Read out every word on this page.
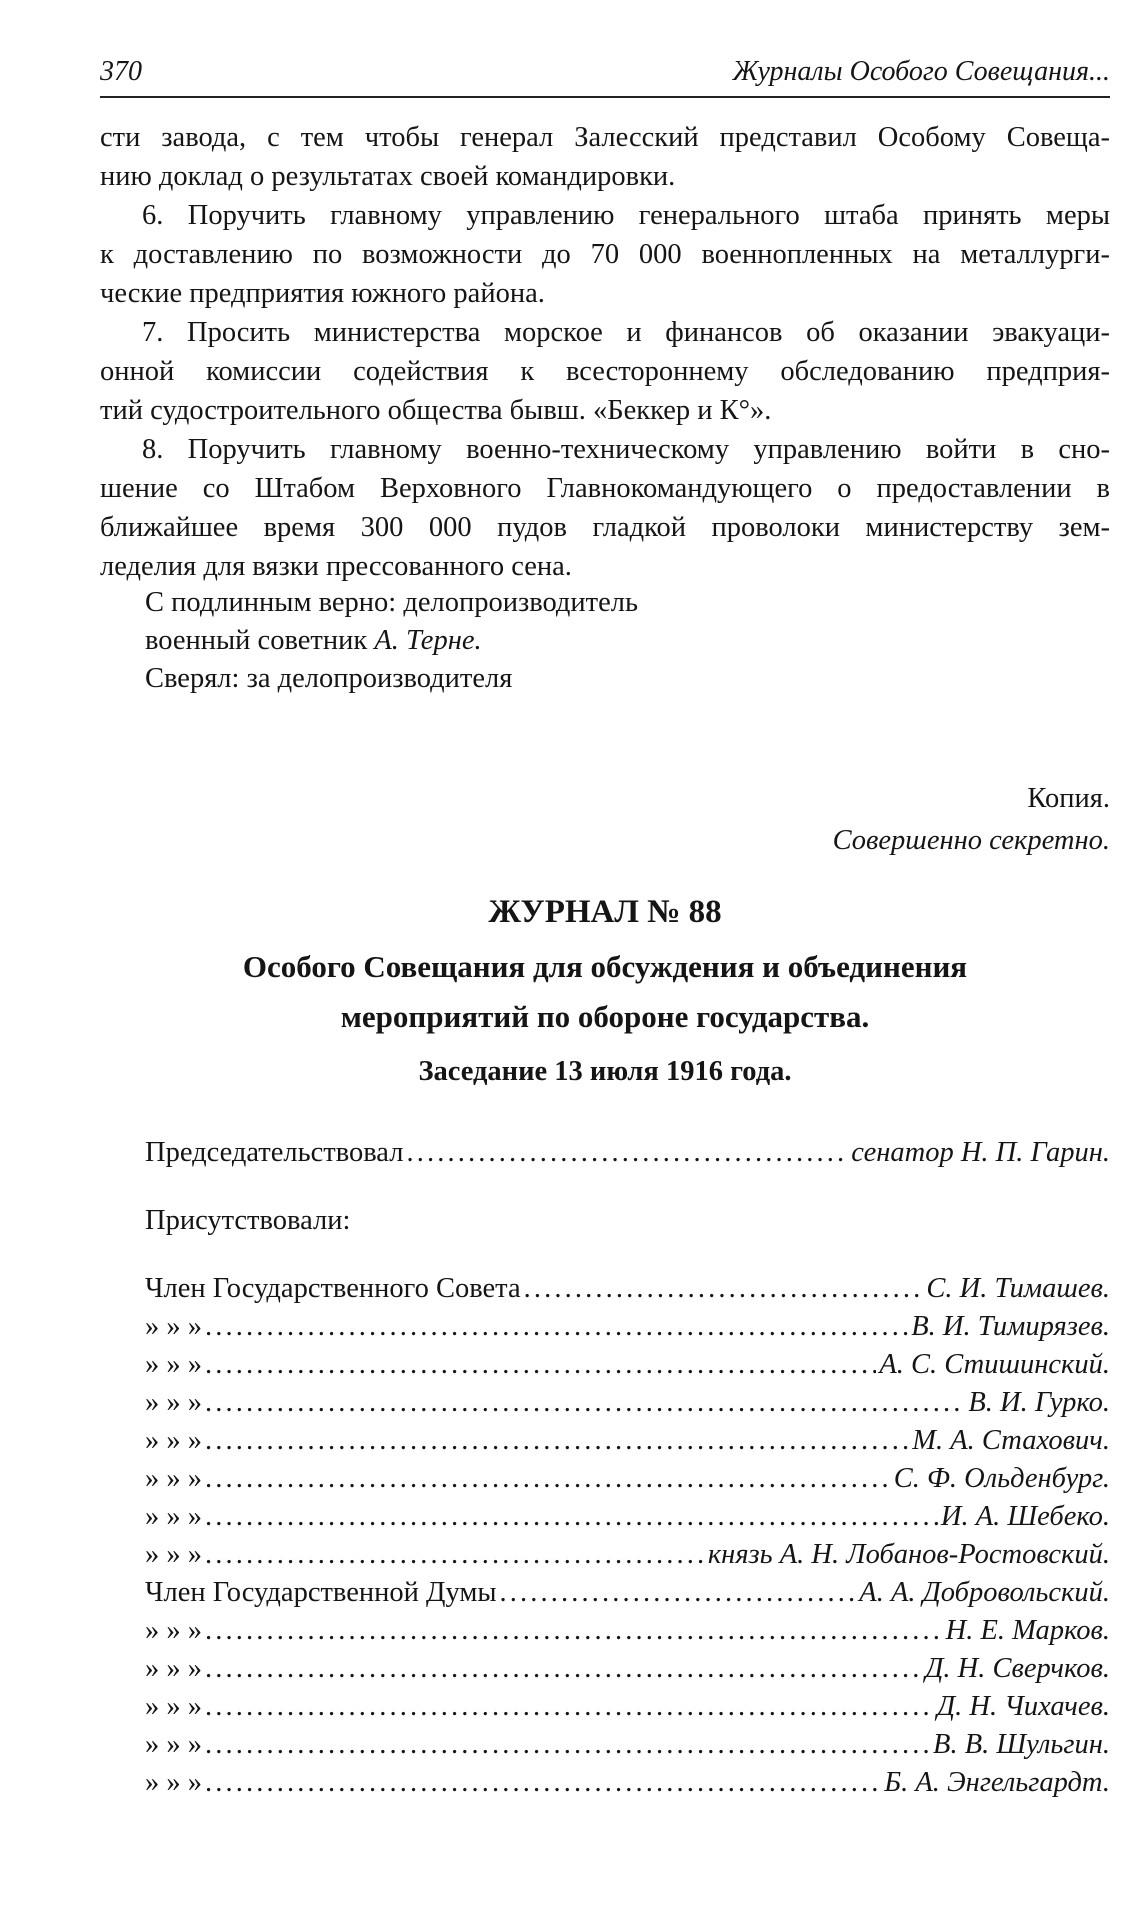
370	Журналы Особого Совещания...
сти завода, с тем чтобы генерал Залесский представил Особому Совеща-
нию доклад о результатах своей командировки.
6. Поручить главному управлению генерального штаба принять меры
к доставлению по возможности до 70 000 военнопленных на металлурги-
ческие предприятия южного района.
7. Просить министерства морское и финансов об оказании эвакуаци-
онной комиссии содействия к всестороннему обследованию предприя-
тий судостроительного общества бывш. «Беккер и К°».
8. Поручить главному военно-техническому управлению войти в сно-
шение со Штабом Верховного Главнокомандующего о предоставлении в
ближайшее время 300 000 пудов гладкой проволоки министерству зем-
леделия для вязки прессованного сена.
С подлинным верно: делопроизводитель
военный советник А. Терне.
Сверял: за делопроизводителя
Копия.
Совершенно секретно.
ЖУРНАЛ № 88
Особого Совещания для обсуждения и объединения
мероприятий по обороне государства.
Заседание 13 июля 1916 года.
Председательствовал . . .	сенатор Н. П. Гарин.
Присутствовали:
Член Государственного Совета . . .	С. И. Тимашев.
» » » . . .	В. И. Тимирязев.
» » » . . .	А. С. Стишинский.
» » » . . .	В. И. Гурко.
» » » . . .	М. А. Стахович.
» » » . . .	С. Ф. Ольденбург.
» » » . . .	И. А. Шебеко.
» » » . . .	князь А. Н. Лобанов-Ростовский.
Член Государственной Думы . . .	А. А. Добровольский.
» » » . . .	Н. Е. Марков.
» » » . . .	Д. Н. Сверчков.
» » » . . .	Д. Н. Чихачев.
» » » . . .	В. В. Шульгин.
» » » . . .	Б. А. Энгельгардт.
